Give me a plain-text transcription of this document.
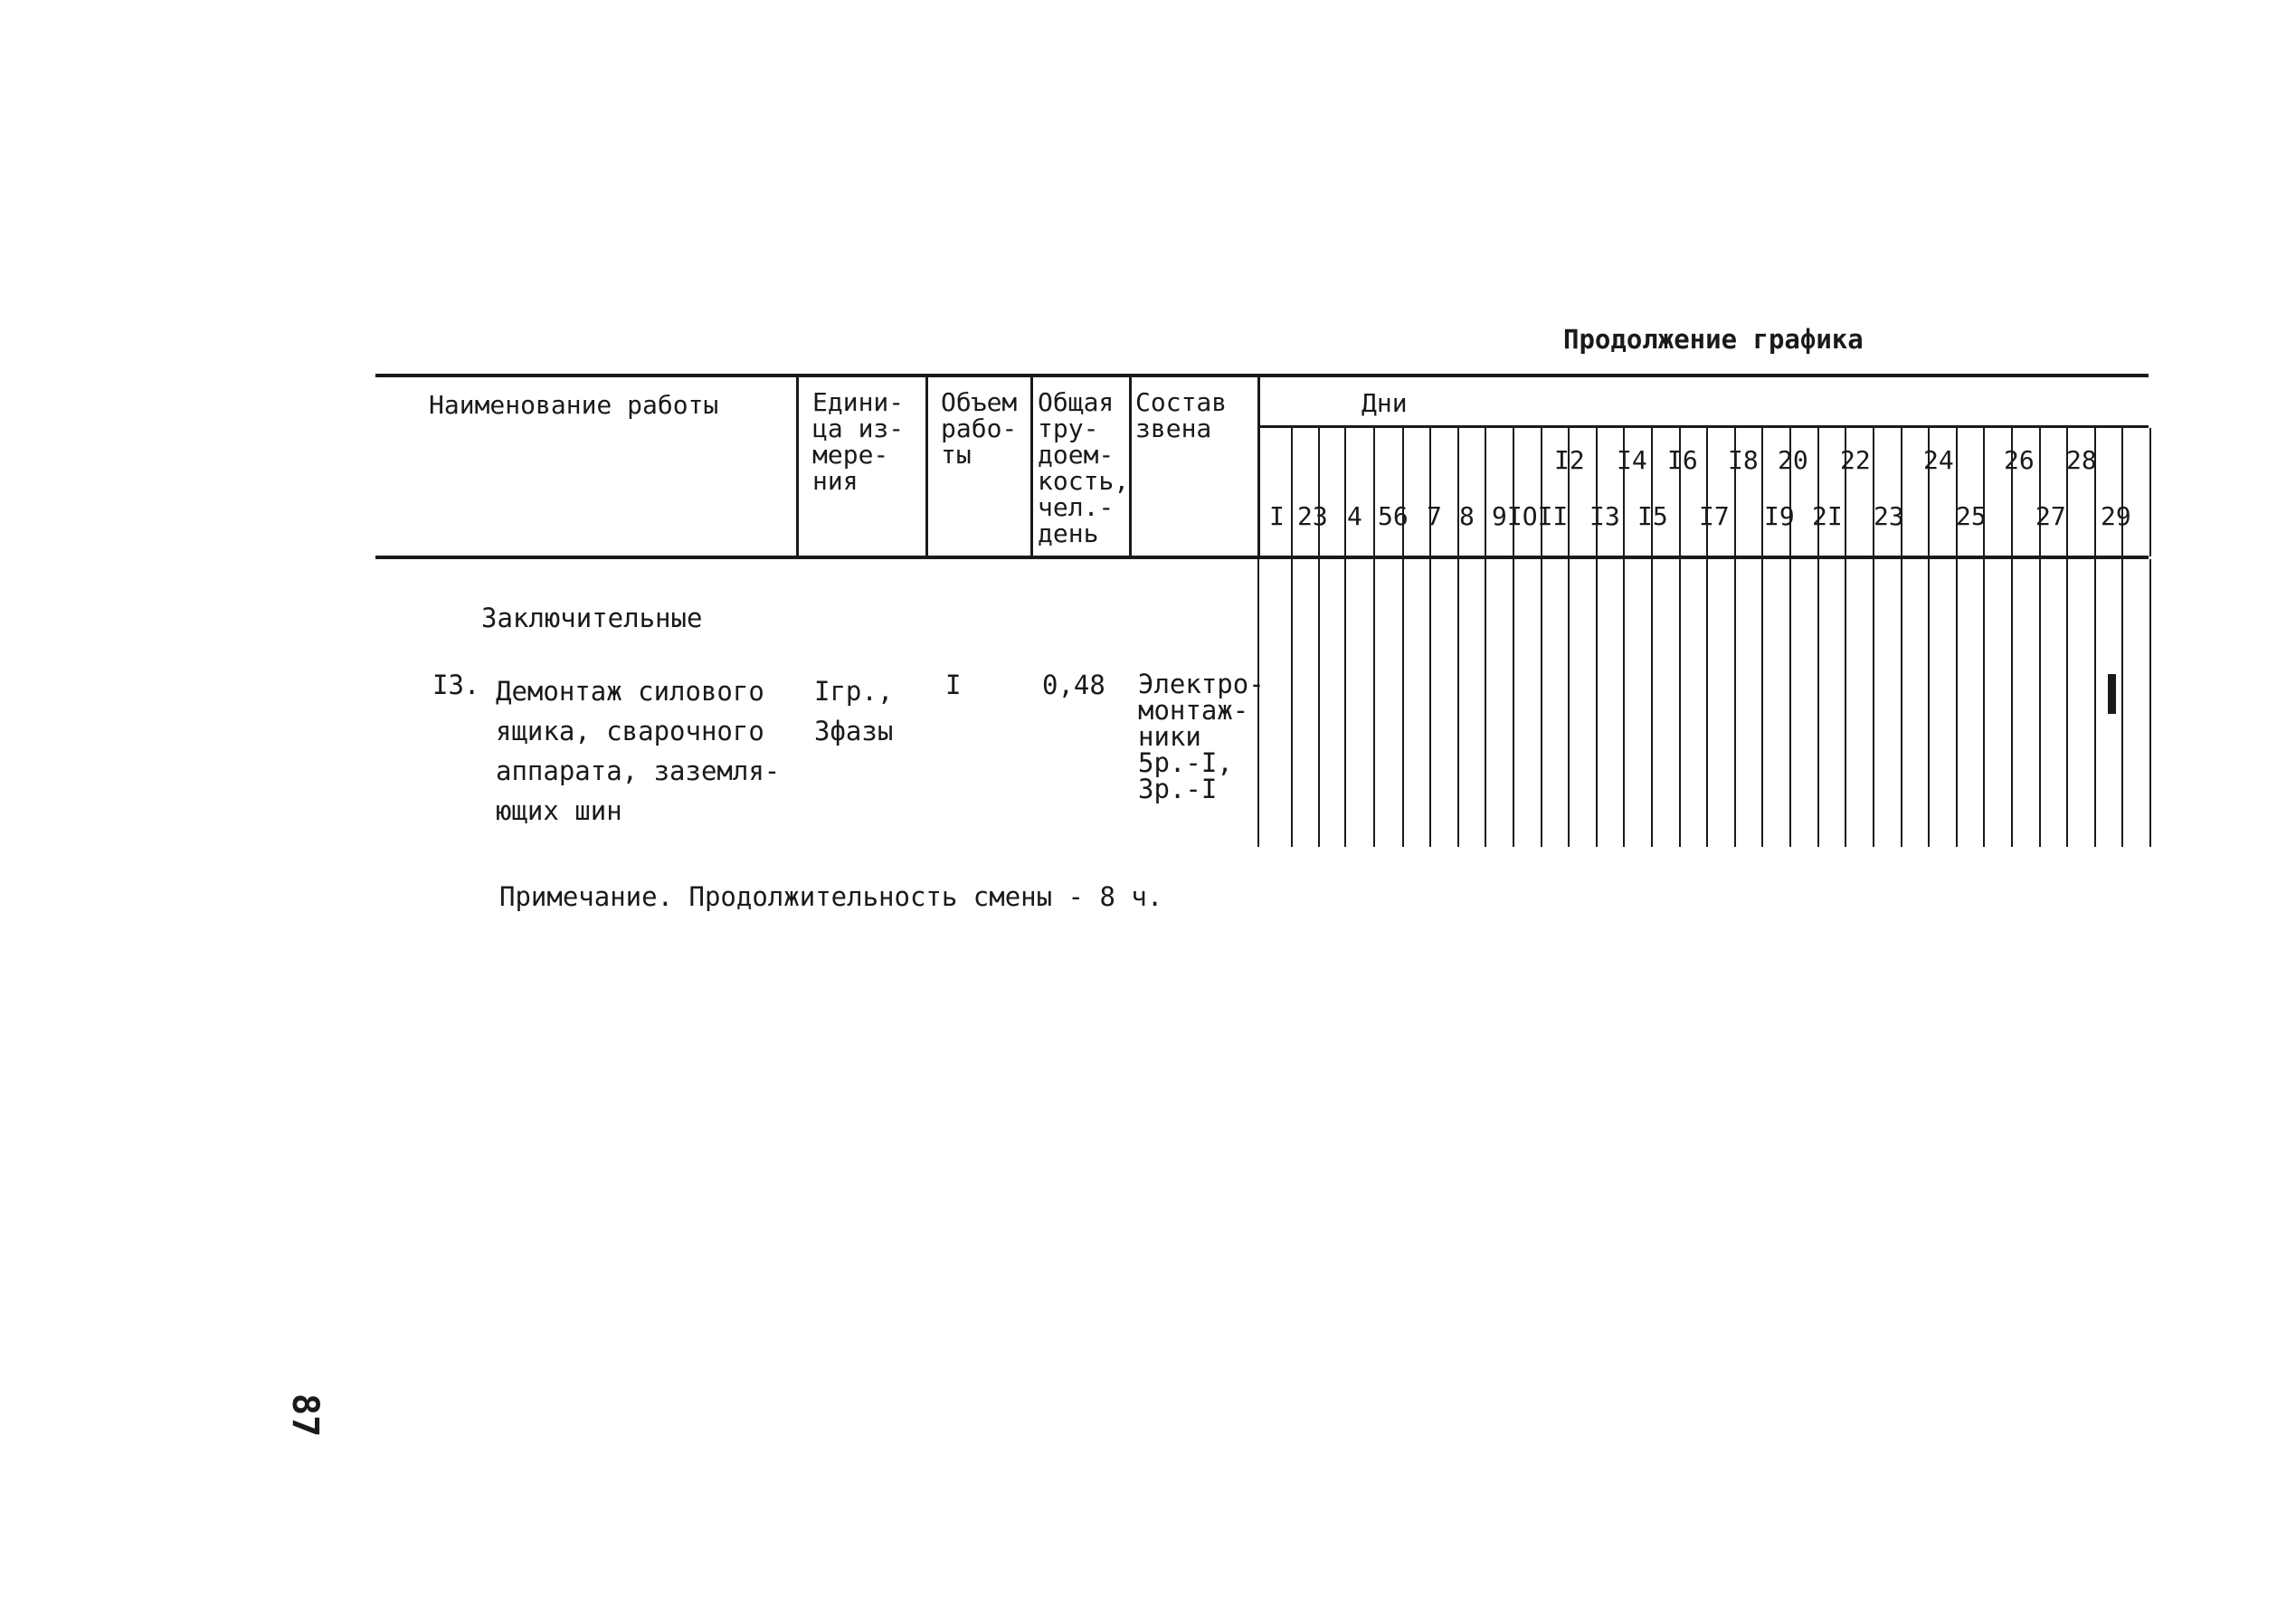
Продолжение графика
Наименование работы	Едини-
ца из-
мере-
ния
Объем
рабо-
ты
Общая
тру-
доем-
кость,
чел.-
день
Состав
звена
Дни
I2 I4 I6 I8 20 22 24 26 28
I 23 4 56 7 8 9IOII I3 I5 I7 I9 2I 23 25 27 29
Заключительные
I3. Демонтаж силового
ящика, сварочного
аппарата, заземля-
ющих шин
Iгр.,
3фазы
I	0,48 Электро-
монтаж-
ники
5р.-I,
3р.-I
Примечание. Продолжительность смены - 8 ч.
87
